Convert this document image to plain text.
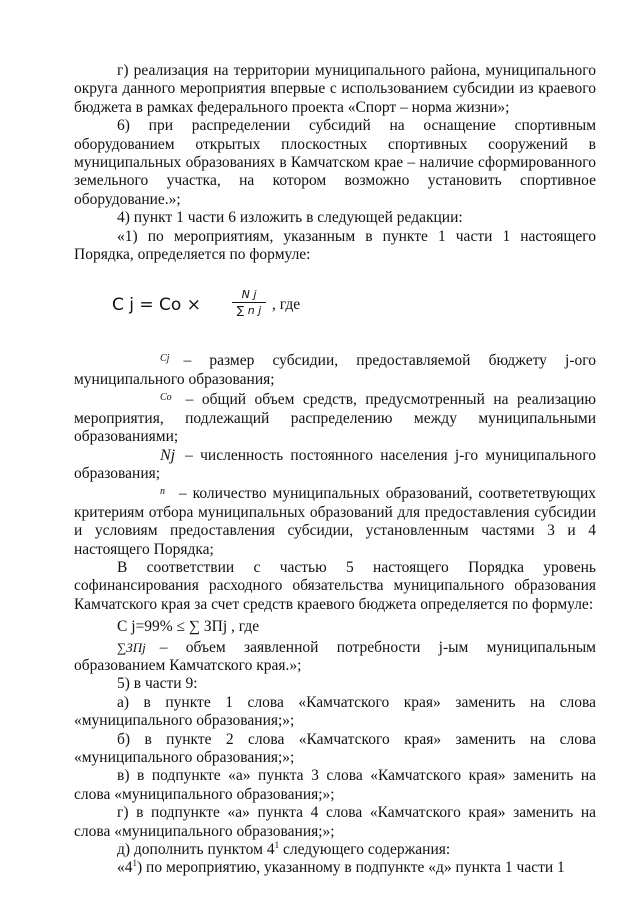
г) реализация на территории муниципального района, муниципального округа данного мероприятия впервые с использованием субсидии из краевого бюджета в рамках федерального проекта «Спорт – норма жизни»;

6) при распределении субсидий на оснащение спортивным оборудованием открытых плоскостных спортивных сооружений в муниципальных образованиях в Камчатском крае – наличие сформированного земельного участка, на котором возможно установить спортивное оборудование.»;

4) пункт 1 части 6 изложить в следующей редакции:

«1) по мероприятиям, указанным в пункте 1 части 1 настоящего Порядка, определяется по формуле:

С j = Со ×
N j
∑ n j , где

Cj – размер субсидии, предоставляемой бюджету j-ого муниципального образования;

Co – общий объем средств, предусмотренный на реализацию мероприятия, подлежащий распределению между муниципальными образованиями;

Nj – численность постоянного населения j-го муниципального образования;

n – количество муниципальных образований, соответетвующих критериям отбора муниципальных образований для предоставления субсидии и условиям предоставления субсидии, установленным частями 3 и 4 настоящего Порядка;

В соответствии с частью 5 настоящего Порядка уровень софинансирования расходного обязательства муниципального образования Камчатского края за счет средств краевого бюджета определяется по формуле:

С j=99% ≤ ∑ ЗПj , где

∑ЗПj – объем заявленной потребности j-ым муниципальным образованием Камчатского края.»;

5) в части 9:

а) в пункте 1 слова «Камчатского края» заменить на слова «муниципального образования;»;

б) в пункте 2 слова «Камчатского края» заменить на слова «муниципального образования;»;

в) в подпункте «а» пункта 3 слова «Камчатского края» заменить на слова «муниципального образования;»;

г) в подпункте «а» пункта 4 слова «Камчатского края» заменить на слова «муниципального образования;»;

д) дополнить пунктом $4^1$ следующего содержания:

«$4^1$) по мероприятию, указанному в подпункте «д» пункта 1 части 1
